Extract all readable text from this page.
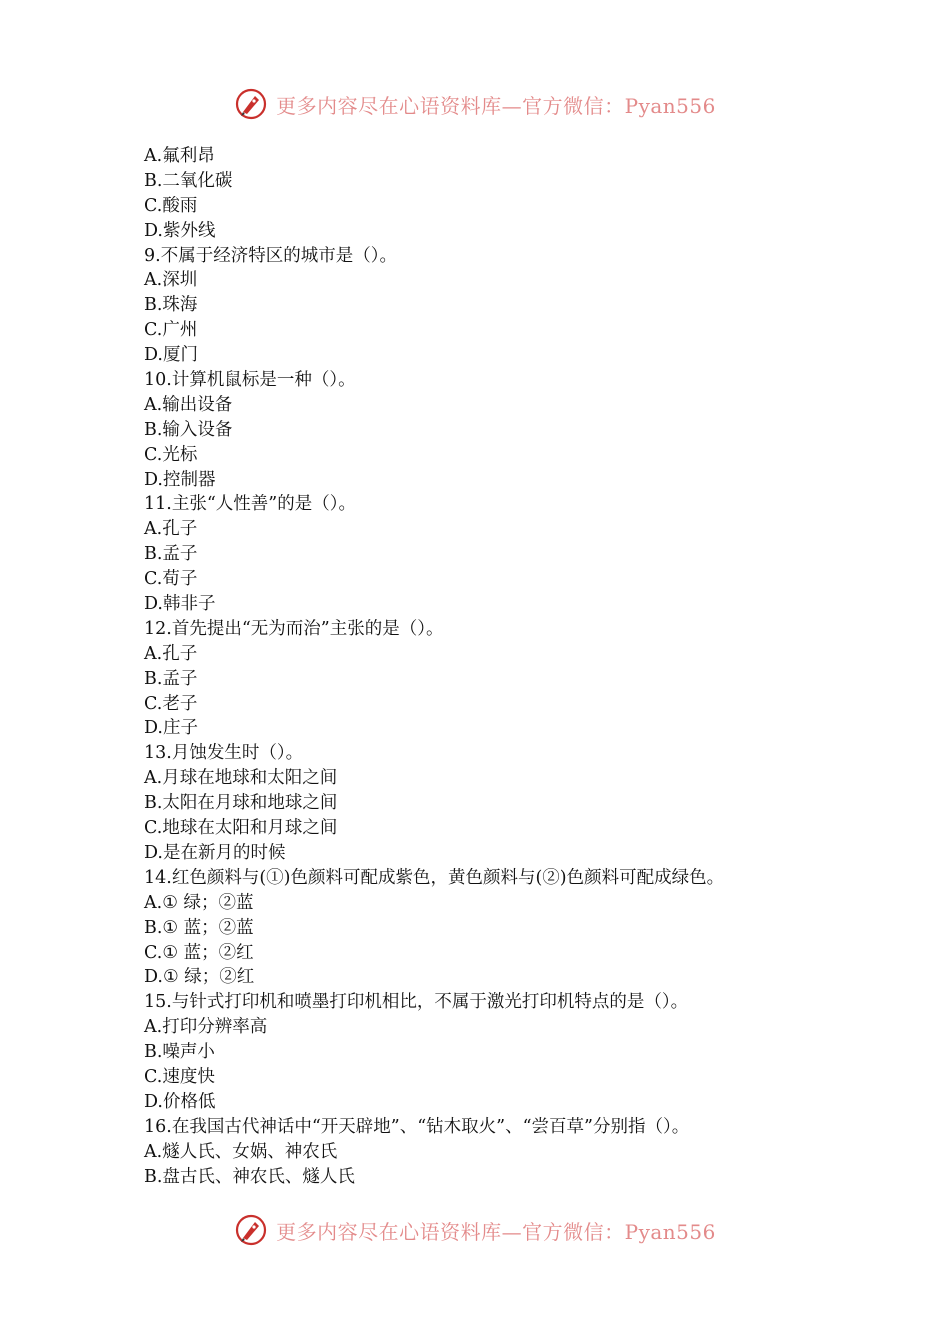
更多内容尽在心语资料库—官方微信：Pyan556
A.氟利昂
B.二氧化碳
C.酸雨
D.紫外线
9.不属于经济特区的城市是（）。
A.深圳
B.珠海
C.广州
D.厦门
10.计算机鼠标是一种（）。
A.输出设备
B.输入设备
C.光标
D.控制器
11.主张“人性善”的是（）。
A.孔子
B.孟子
C.荀子
D.韩非子
12.首先提出“无为而治”主张的是（）。
A.孔子
B.孟子
C.老子
D.庄子
13.月蚀发生时（）。
A.月球在地球和太阳之间
B.太阳在月球和地球之间
C.地球在太阳和月球之间
D.是在新月的时候
14.红色颜料与(①)色颜料可配成紫色，黄色颜料与(②)色颜料可配成绿色。
A.① 绿；②蓝
B.① 蓝；②蓝
C.① 蓝；②红
D.① 绿；②红
15.与针式打印机和喷墨打印机相比，不属于激光打印机特点的是（）。
A.打印分辨率高
B.噪声小
C.速度快
D.价格低
16.在我国古代神话中“开天辟地”、“钻木取火”、“尝百草”分别指（）。
A.燧人氏、女娲、神农氏
B.盘古氏、神农氏、燧人氏
更多内容尽在心语资料库—官方微信：Pyan556
